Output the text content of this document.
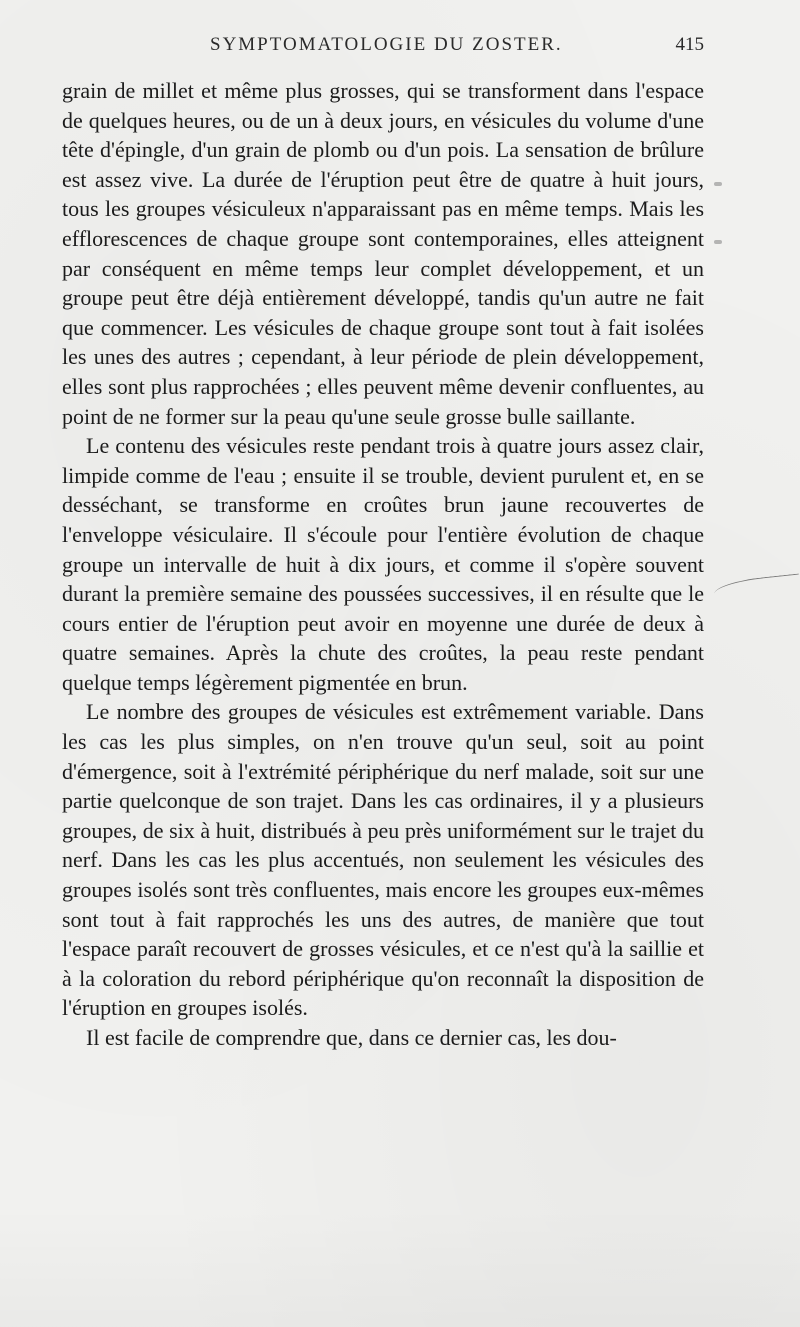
SYMPTOMATOLOGIE DU ZOSTER.	415

grain de millet et même plus grosses, qui se transforment dans l'espace de quelques heures, ou de un à deux jours, en vésicules du volume d'une tête d'épingle, d'un grain de plomb ou d'un pois. La sensation de brûlure est assez vive. La durée de l'éruption peut être de quatre à huit jours, tous les groupes vésiculeux n'apparaissant pas en même temps. Mais les efflorescences de chaque groupe sont contemporaines, elles atteignent par conséquent en même temps leur complet développement, et un groupe peut être déjà entièrement développé, tandis qu'un autre ne fait que commencer. Les vésicules de chaque groupe sont tout à fait isolées les unes des autres ; cependant, à leur période de plein développement, elles sont plus rapprochées ; elles peuvent même devenir confluentes, au point de ne former sur la peau qu'une seule grosse bulle saillante.

Le contenu des vésicules reste pendant trois à quatre jours assez clair, limpide comme de l'eau ; ensuite il se trouble, devient purulent et, en se desséchant, se transforme en croûtes brun jaune recouvertes de l'enveloppe vésiculaire. Il s'écoule pour l'entière évolution de chaque groupe un intervalle de huit à dix jours, et comme il s'opère souvent durant la première semaine des poussées successives, il en résulte que le cours entier de l'éruption peut avoir en moyenne une durée de deux à quatre semaines. Après la chute des croûtes, la peau reste pendant quelque temps légèrement pigmentée en brun.

Le nombre des groupes de vésicules est extrêmement variable. Dans les cas les plus simples, on n'en trouve qu'un seul, soit au point d'émergence, soit à l'extrémité périphérique du nerf malade, soit sur une partie quelconque de son trajet. Dans les cas ordinaires, il y a plusieurs groupes, de six à huit, distribués à peu près uniformément sur le trajet du nerf. Dans les cas les plus accentués, non seulement les vésicules des groupes isolés sont très confluentes, mais encore les groupes eux-mêmes sont tout à fait rapprochés les uns des autres, de manière que tout l'espace paraît recouvert de grosses vésicules, et ce n'est qu'à la saillie et à la coloration du rebord périphérique qu'on reconnaît la disposition de l'éruption en groupes isolés.

Il est facile de comprendre que, dans ce dernier cas, les dou-
